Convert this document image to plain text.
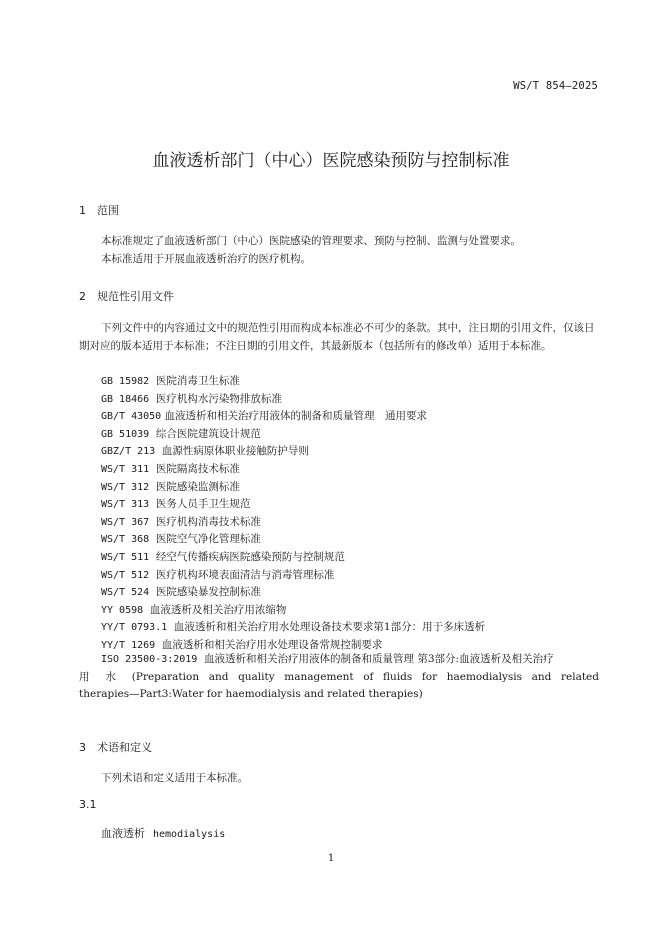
WS/T 854—2025
血液透析部门（中心）医院感染预防与控制标准
1 范围
本标准规定了血液透析部门（中心）医院感染的管理要求、预防与控制、监测与处置要求。
本标准适用于开展血液透析治疗的医疗机构。
2 规范性引用文件
下列文件中的内容通过文中的规范性引用而构成本标准必不可少的条款。其中，注日期的引用文件，仅该日期对应的版本适用于本标准；不注日期的引用文件，其最新版本（包括所有的修改单）适用于本标准。
GB 15982 医院消毒卫生标准
GB 18466 医疗机构水污染物排放标准
GB/T 43050 血液透析和相关治疗用液体的制备和质量管理　通用要求
GB 51039 综合医院建筑设计规范
GBZ/T 213 血源性病原体职业接触防护导则
WS/T 311 医院隔离技术标准
WS/T 312 医院感染监测标准
WS/T 313 医务人员手卫生规范
WS/T 367 医疗机构消毒技术标准
WS/T 368 医院空气净化管理标准
WS/T 511 经空气传播疾病医院感染预防与控制规范
WS/T 512 医疗机构环境表面清洁与消毒管理标准
WS/T 524 医院感染暴发控制标准
YY 0598 血液透析及相关治疗用浓缩物
YY/T 0793.1 血液透析和相关治疗用水处理设备技术要求第1部分：用于多床透析
YY/T 1269 血液透析和相关治疗用水处理设备常规控制要求
ISO 23500-3:2019 血液透析和相关治疗用液体的制备和质量管理 第3部分:血液透析及相关治疗
用 水 (Preparation and quality management of fluids for haemodialysis and related
therapies—Part3:Water for haemodialysis and related therapies)
3 术语和定义
下列术语和定义适用于本标准。
3.1
血液透析 hemodialysis
1
